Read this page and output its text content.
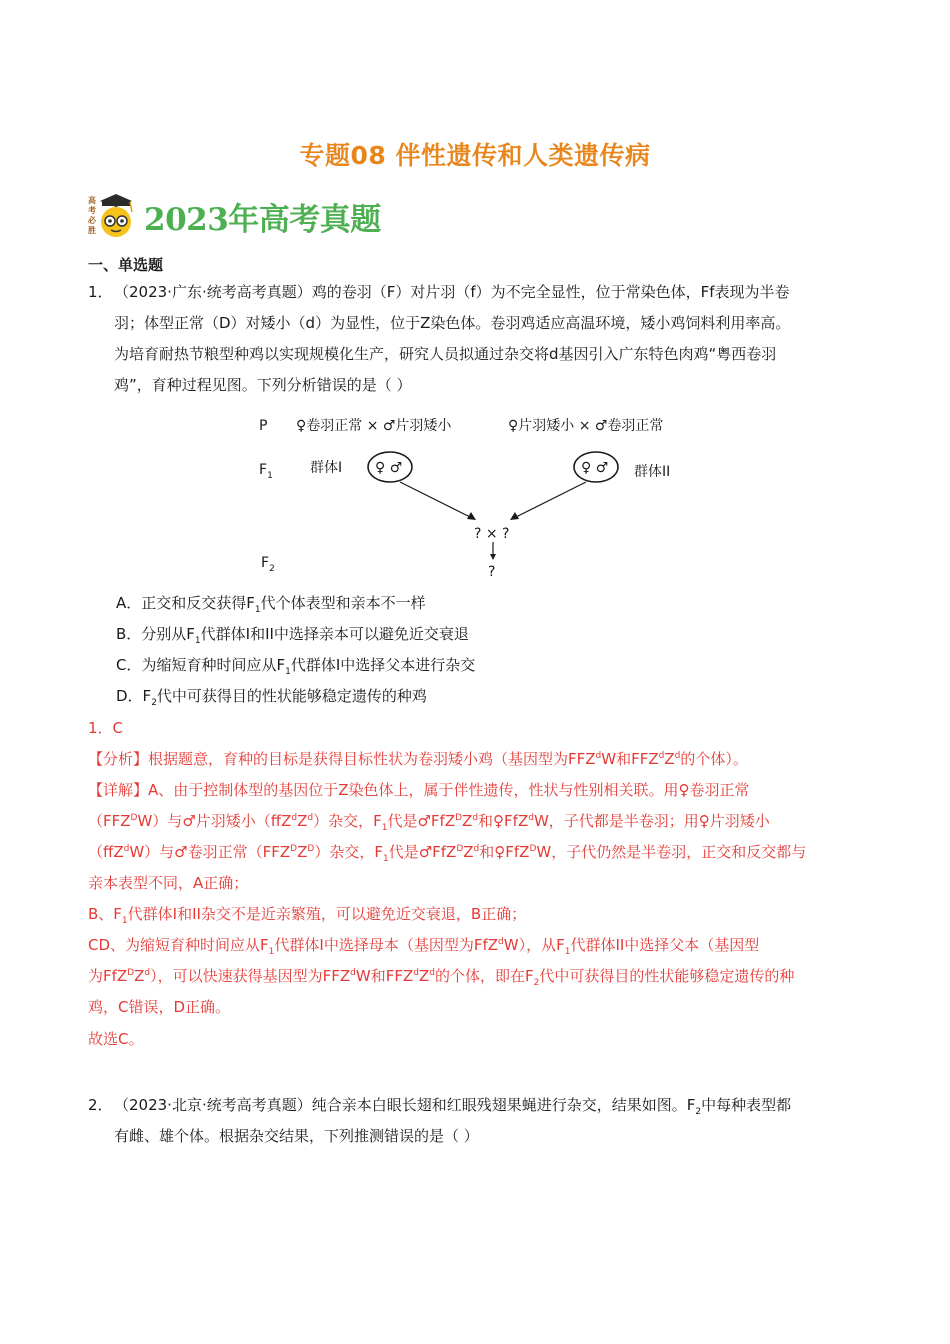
专题08 伴性遗传和人类遗传病
高
考
必
胜 2023年高考真题
一、单选题
1． （2023·广东·统考高考真题）鸡的卷羽（F）对片羽（f）为不完全显性，位于常染色体，Ff表现为半卷
羽；体型正常（D）对矮小（d）为显性，位于Z染色体。卷羽鸡适应高温环境，矮小鸡饲料利用率高。
为培育耐热节粮型种鸡以实现规模化生产，研究人员拟通过杂交将d基因引入广东特色肉鸡“粤西卷羽
鸡”，育种过程见图。下列分析错误的是（ ）
P ♀卷羽正常 × ♂片羽矮小	♀片羽矮小 × ♂卷羽正常
$F_1$	群体I	群体II
♀ ♂	♀ ♂
? × ?
?
$F_2$
A．正交和反交获得$F_1$代个体表型和亲本不一样
B．分别从$F_1$代群体I和II中选择亲本可以避免近交衰退
C．为缩短育种时间应从$F_1$代群体I中选择父本进行杂交
D．$F_2$代中可获得目的性状能够稳定遗传的种鸡
1．C
【分析】根据题意，育种的目标是获得目标性状为卷羽矮小鸡（基因型为FFZ$^d$W和$FFZ^dZ^d$的个体）。
【详解】A、由于控制体型的基因位于Z染色体上，属于伴性遗传，性状与性别相关联。用♀卷羽正常
$(FFZ^DW)$与♂片羽矮小$(ffZ^dZ^d)$杂交，$F_1$代是$♂FfZ^DZ^d$和♀FfZ$^d$W，子代都是半卷羽；用♀片羽矮小
（ffZ$^d$W）与♂卷羽正常$(FFZ^DZ^D)$杂交，$F_1$代是$♂FfZ^DZ^d$和♀FfZ$^D$W，子代仍然是半卷羽，正交和反交都与
亲本表型不同，A正确；
B、$F_1$代群体I和II杂交不是近亲繁殖，可以避免近交衰退，B正确；
CD、为缩短育种时间应从$F_1$代群体I中选择母本（基因型为FfZ$^d$W），从$F_1$代群体II中选择父本（基因型
为$FfZ^DZ^d$），可以快速获得基因型为FFZ$^d$W和$FFZ^dZ^d$的个体，即在$F_2$代中可获得目的性状能够稳定遗传的种
鸡，C错误，D正确。
故选C。
2． （2023·北京·统考高考真题）纯合亲本白眼长翅和红眼残翅果蝇进行杂交，结果如图。$F_2$中每种表型都
有雌、雄个体。根据杂交结果，下列推测错误的是（ ）
